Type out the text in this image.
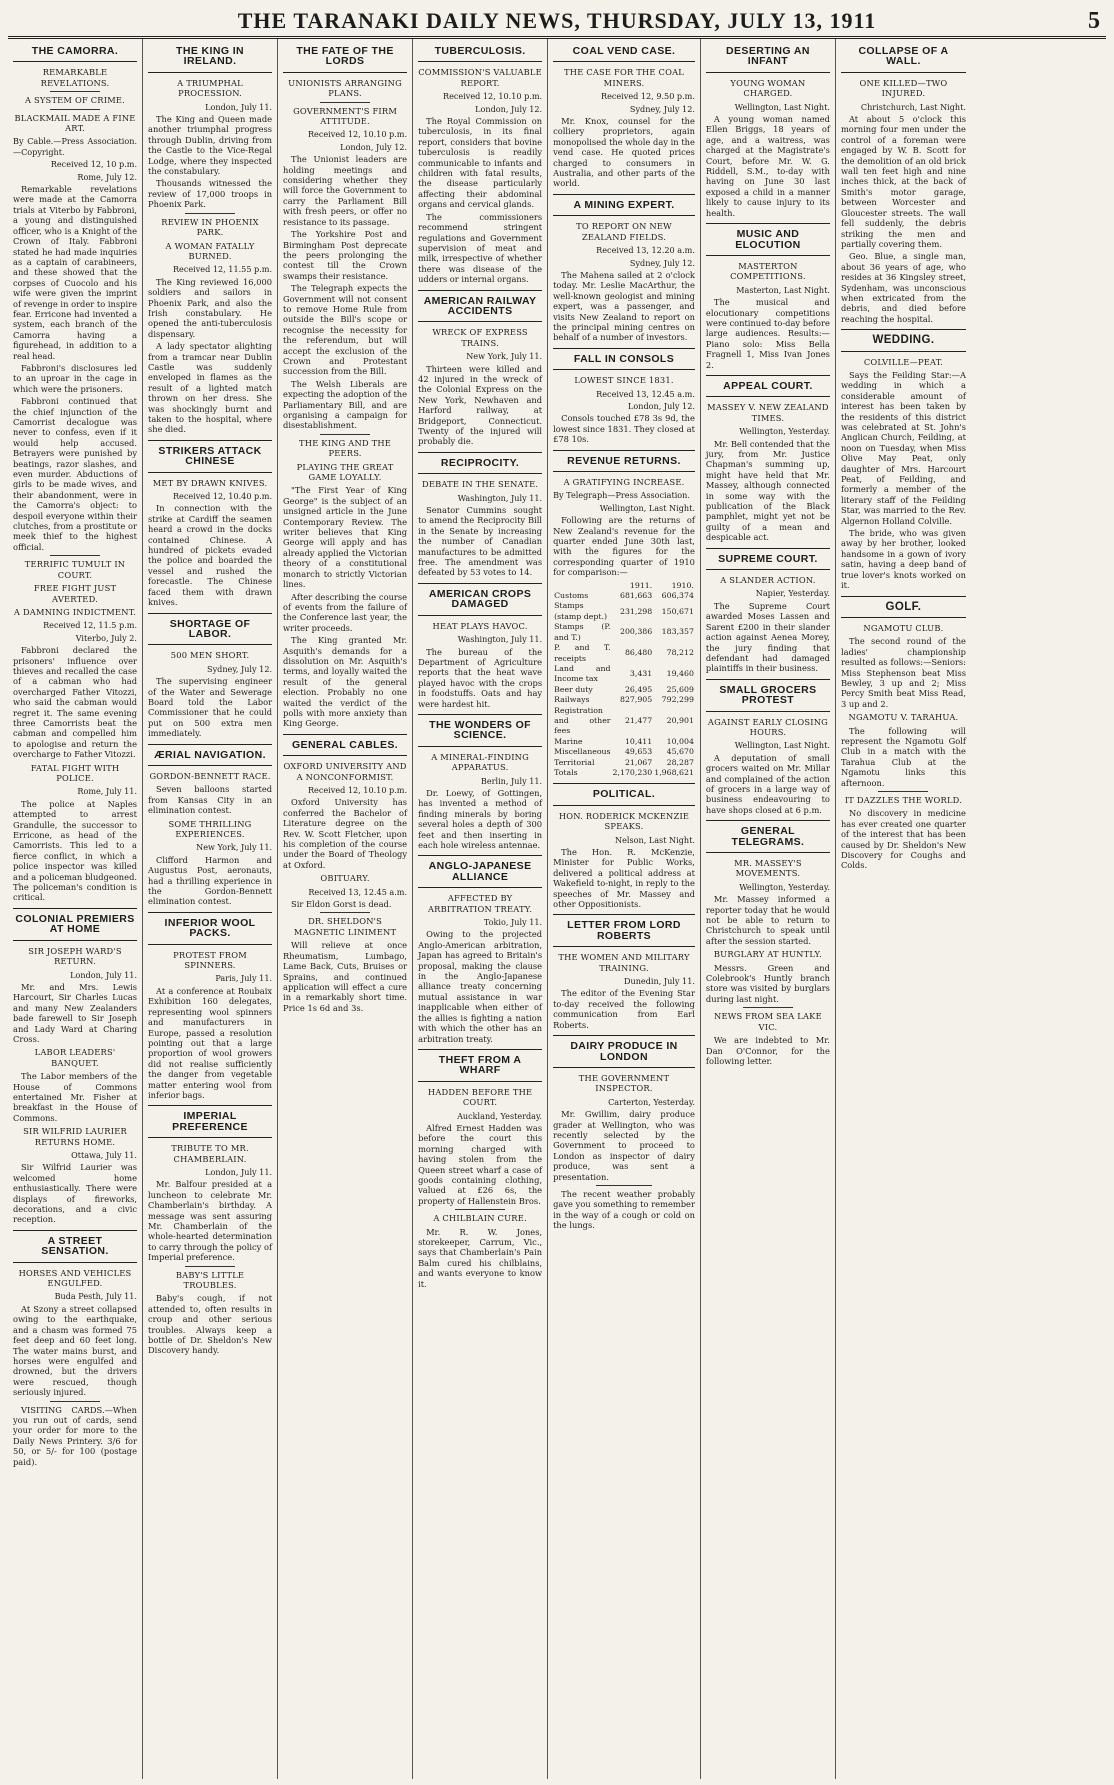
THE TARANAKI DAILY NEWS, THURSDAY, JULY 13, 1911	5
THE CAMORRA.
REMARKABLE REVELATIONS.
A SYSTEM OF CRIME.
BLACKMAIL MADE A FINE ART.
By Cable.—Press Association.—Copyright.
Received 12, 10 p.m.
Rome, July 12.

Remarkable revelations were made at the Camorra trials at Viterbo by Fabbroni, a young and distinguished officer, who is a Knight of the Crown of Italy. Fabbroni stated he had made inquiries as a captain of carabineers, and these showed that the corpses of Cuocolo and his wife were given the imprint of revenge in order to inspire fear. Erricone had invented a system, each branch of the Camorra having a figurehead, in addition to a real head.

Fabbroni's disclosures led to an uproar in the cage in which were the prisoners.

Fabbroni continued that the chief injunction of the Camorrist decalogue was never to confess, even if it would help accused. Betrayers were punished by beatings, razor slashes, and even murder. Abductions of girls to be made wives, and their abandonment, were in the Camorra's object: to despoil everyone within their clutches, from a prostitute or meek thief to the highest official.

TERRIFIC TUMULT IN COURT.
FREE FIGHT JUST AVERTED.
A DAMNING INDICTMENT.
Received 12, 11.5 p.m.
Viterbo, July 2.

Fabbroni declared the prisoners' influence over thieves and recalled the case of a cabman who had overcharged Father Vitozzi, who said the cabman would regret it. The same evening three Camorrists beat the cabman and compelled him to apologise and return the overcharge to Father Vitozzi.

FATAL FIGHT WITH POLICE.
Rome, July 11.

The police at Naples attempted to arrest Grandulle, the successor to Erricone, as head of the Camorrists. This led to a fierce conflict, in which a police inspector was killed and a policeman bludgeoned. The policeman's condition is critical.

COLONIAL PREMIERS AT HOME
SIR JOSEPH WARD'S RETURN.
London, July 11.

Mr. and Mrs. Lewis Harcourt, Sir Charles Lucas and many New Zealanders bade farewell to Sir Joseph and Lady Ward at Charing Cross.

LABOR LEADERS' BANQUET.

The Labor members of the House of Commons entertained Mr. Fisher at breakfast in the House of Commons.

SIR WILFRID LAURIER RETURNS HOME.
Ottawa, July 11.

Sir Wilfrid Laurier was welcomed home enthusiastically. There were displays of fireworks, decorations, and a civic reception.

A STREET SENSATION.
HORSES AND VEHICLES ENGULFED.
Buda Pesth, July 11.

At Szony a street collapsed owing to the earthquake, and a chasm was formed 75 feet deep and 60 feet long. The water mains burst, and horses were engulfed and drowned, but the drivers were rescued, though seriously injured.

VISITING CARDS.—When you run out of cards, send your order for more to the Daily News Printery. 3/6 for 50, or 5/- for 100 (postage paid).

THE KING IN IRELAND.
A TRIUMPHAL PROCESSION.
London, July 11.

The King and Queen made another triumphal progress through Dublin, driving from the Castle to the Vice-Regal Lodge, where they inspected the constabulary.

Thousands witnessed the review of 17,000 troops in Phoenix Park.

REVIEW IN PHOENIX PARK.
A WOMAN FATALLY BURNED.
Received 12, 11.55 p.m.

The King reviewed 16,000 soldiers and sailors in Phoenix Park, and also the Irish constabulary. He opened the anti-tuberculosis dispensary.

A lady spectator alighting from a tramcar near Dublin Castle was suddenly enveloped in flames as the result of a lighted match thrown on her dress. She was shockingly burnt and taken to the hospital, where she died.

STRIKERS ATTACK CHINESE
MET BY DRAWN KNIVES.
Received 12, 10.40 p.m.

In connection with the strike at Cardiff the seamen heard a crowd in the docks contained Chinese. A hundred of pickets evaded the police and boarded the vessel and rushed the forecastle. The Chinese faced them with drawn knives.

SHORTAGE OF LABOR.
500 MEN SHORT.
Sydney, July 12.

The supervising engineer of the Water and Sewerage Board told the Labor Commissioner that he could put on 500 extra men immediately.

ÆRIAL NAVIGATION.
GORDON-BENNETT RACE.

Seven balloons started from Kansas City in an elimination contest.

SOME THRILLING EXPERIENCES.
New York, July 11.

Clifford Harmon and Augustus Post, aeronauts, had a thrilling experience in the Gordon-Bennett elimination contest.

INFERIOR WOOL PACKS.
PROTEST FROM SPINNERS.
Paris, July 11.

At a conference at Roubaix Exhibition 160 delegates, representing wool spinners and manufacturers in Europe, passed a resolution pointing out that a large proportion of wool growers did not realise sufficiently the danger from vegetable matter entering wool from inferior bags.

IMPERIAL PREFERENCE
TRIBUTE TO MR. CHAMBERLAIN.
London, July 11.

Mr. Balfour presided at a luncheon to celebrate Mr. Chamberlain's birthday. A message was sent assuring Mr. Chamberlain of the whole-hearted determination to carry through the policy of Imperial preference.

BABY'S LITTLE TROUBLES.

Baby's cough, if not attended to, often results in croup and other serious troubles. Always keep a bottle of Dr. Sheldon's New Discovery handy.

THE FATE OF THE LORDS
UNIONISTS ARRANGING PLANS.
GOVERNMENT'S FIRM ATTITUDE.
Received 12, 10.10 p.m.
London, July 12.

The Unionist leaders are holding meetings and considering whether they will force the Government to carry the Parliament Bill with fresh peers, or offer no resistance to its passage.

The Yorkshire Post and Birmingham Post deprecate the peers prolonging the contest till the Crown swamps their resistance.

The Telegraph expects the Government will not consent to remove Home Rule from outside the Bill's scope or recognise the necessity for the referendum, but will accept the exclusion of the Crown and Protestant succession from the Bill.

The Welsh Liberals are expecting the adoption of the Parliamentary Bill, and are organising a campaign for disestablishment.

THE KING AND THE PEERS.
PLAYING THE GREAT GAME LOYALLY.

"The First Year of King George" is the subject of an unsigned article in the June Contemporary Review. The writer believes that King George will apply and has already applied the Victorian theory of a constitutional monarch to strictly Victorian lines.

After describing the course of events from the failure of the Conference last year, the writer proceeds.

The King granted Mr. Asquith's demands for a dissolution on Mr. Asquith's terms, and loyally waited the result of the general election. Probably no one waited the verdict of the polls with more anxiety than King George.

GENERAL CABLES.
OXFORD UNIVERSITY AND A NONCONFORMIST.
Received 12, 10.10 p.m.

Oxford University has conferred the Bachelor of Literature degree on the Rev. W. Scott Fletcher, upon his completion of the course under the Board of Theology at Oxford.

OBITUARY.
Received 13, 12.45 a.m.

Sir Eldon Gorst is dead.

DR. SHELDON'S MAGNETIC LINIMENT

Will relieve at once Rheumatism, Lumbago, Lame Back, Cuts, Bruises or Sprains, and continued application will effect a cure in a remarkably short time. Price 1s 6d and 3s.

TUBERCULOSIS.
COMMISSION'S VALUABLE REPORT.
Received 12, 10.10 p.m.
London, July 12.

The Royal Commission on tuberculosis, in its final report, considers that bovine tuberculosis is readily communicable to infants and children with fatal results, the disease particularly affecting their abdominal organs and cervical glands.

The commissioners recommend stringent regulations and Government supervision of meat and milk, irrespective of whether there was disease of the udders or internal organs.

AMERICAN RAILWAY ACCIDENTS
WRECK OF EXPRESS TRAINS.
New York, July 11.

Thirteen were killed and 42 injured in the wreck of the Colonial Express on the New York, Newhaven and Harford railway, at Bridgeport, Connecticut. Twenty of the injured will probably die.

RECIPROCITY.
DEBATE IN THE SENATE.
Washington, July 11.

Senator Cummins sought to amend the Reciprocity Bill in the Senate by increasing the number of Canadian manufactures to be admitted free. The amendment was defeated by 53 votes to 14.

AMERICAN CROPS DAMAGED
HEAT PLAYS HAVOC.
Washington, July 11.

The bureau of the Department of Agriculture reports that the heat wave played havoc with the crops in foodstuffs. Oats and hay were hardest hit.

THE WONDERS OF SCIENCE.
A MINERAL-FINDING APPARATUS.
Berlin, July 11.

Dr. Loewy, of Gottingen, has invented a method of finding minerals by boring several holes a depth of 300 feet and then inserting in each hole wireless antennae.

ANGLO-JAPANESE ALLIANCE
AFFECTED BY ARBITRATION TREATY.
Tokio, July 11.

Owing to the projected Anglo-American arbitration, Japan has agreed to Britain's proposal, making the clause in the Anglo-Japanese alliance treaty concerning mutual assistance in war inapplicable when either of the allies is fighting a nation with which the other has an arbitration treaty.

THEFT FROM A WHARF
HADDEN BEFORE THE COURT.
Auckland, Yesterday.

Alfred Ernest Hadden was before the court this morning charged with having stolen from the Queen street wharf a case of goods containing clothing, valued at £26 6s, the property of Hallenstein Bros.

A CHILBLAIN CURE.

Mr. R. W. Jones, storekeeper, Carrum, Vic., says that Chamberlain's Pain Balm cured his chilblains, and wants everyone to know it.

COAL VEND CASE.
THE CASE FOR THE COAL MINERS.
Received 12, 9.50 p.m.
Sydney, July 12.

Mr. Knox, counsel for the colliery proprietors, again monopolised the whole day in the vend case. He quoted prices charged to consumers in Australia, and other parts of the world.

A MINING EXPERT.
TO REPORT ON NEW ZEALAND FIELDS.
Received 13, 12.20 a.m.
Sydney, July 12.

The Mahena sailed at 2 o'clock today. Mr. Leslie MacArthur, the well-known geologist and mining expert, was a passenger, and visits New Zealand to report on the principal mining centres on behalf of a number of investors.

FALL IN CONSOLS
LOWEST SINCE 1831.
Received 13, 12.45 a.m.
London, July 12.

Consols touched £78 3s 9d, the lowest since 1831. They closed at £78 10s.

REVENUE RETURNS.
A GRATIFYING INCREASE.
By Telegraph—Press Association.
Wellington, Last Night.

Following are the returns of New Zealand's revenue for the quarter ended June 30th last, with the figures for the corresponding quarter of 1910 for comparison:—

	1911.	1910.
Customs	681,663	606,374
Stamps (stamp dept.)	231,298	150,671
Stamps (P. and T.)	200,386	183,357
P. and T. receipts	86,480	78,212
Land and Income tax	3,431	19,460
Beer duty	26,495	25,609
Railways	827,905	792,299
Registration and other fees	21,477	20,901
Marine	10,411	10,004
Miscellaneous	49,653	45,670
Territorial	21,067	28,287
Totals	2,170,230	1,968,621
POLITICAL.
HON. RODERICK MCKENZIE SPEAKS.
Nelson, Last Night.

The Hon. R. McKenzie, Minister for Public Works, delivered a political address at Wakefield to-night, in reply to the speeches of Mr. Massey and other Oppositionists.

LETTER FROM LORD ROBERTS
THE WOMEN AND MILITARY TRAINING.
Dunedin, July 11.

The editor of the Evening Star to-day received the following communication from Earl Roberts.

DAIRY PRODUCE IN LONDON
THE GOVERNMENT INSPECTOR.
Carterton, Yesterday.

Mr. Gwillim, dairy produce grader at Wellington, who was recently selected by the Government to proceed to London as inspector of dairy produce, was sent a presentation.

The recent weather probably gave you something to remember in the way of a cough or cold on the lungs.

DESERTING AN INFANT
YOUNG WOMAN CHARGED.
Wellington, Last Night.

A young woman named Ellen Briggs, 18 years of age, and a waitress, was charged at the Magistrate's Court, before Mr. W. G. Riddell, S.M., to-day with having on June 30 last exposed a child in a manner likely to cause injury to its health.

MUSIC AND ELOCUTION
MASTERTON COMPETITIONS.
Masterton, Last Night.

The musical and elocutionary competitions were continued to-day before large audiences. Results:—Piano solo: Miss Bella Fragnell 1, Miss Ivan Jones 2.

APPEAL COURT.
MASSEY V. NEW ZEALAND TIMES.
Wellington, Yesterday.

Mr. Bell contended that the jury, from Mr. Justice Chapman's summing up, might have held that Mr. Massey, although connected in some way with the publication of the Black pamphlet, might yet not be guilty of a mean and despicable act.

SUPREME COURT.
A SLANDER ACTION.
Napier, Yesterday.

The Supreme Court awarded Moses Lassen and Sarent £200 in their slander action against Aenea Morey, the jury finding that defendant had damaged plaintiffs in their business.

SMALL GROCERS PROTEST
AGAINST EARLY CLOSING HOURS.
Wellington, Last Night.

A deputation of small grocers waited on Mr. Millar and complained of the action of grocers in a large way of business endeavouring to have shops closed at 6 p.m.

GENERAL TELEGRAMS.
MR. MASSEY'S MOVEMENTS.
Wellington, Yesterday.

Mr. Massey informed a reporter today that he would not be able to return to Christchurch to speak until after the session started.

BURGLARY AT HUNTLY.

Messrs. Green and Colebrook's Huntly branch store was visited by burglars during last night.

NEWS FROM SEA LAKE VIC.

We are indebted to Mr. Dan O'Connor, for the following letter.

COLLAPSE OF A WALL.
ONE KILLED—TWO INJURED.
Christchurch, Last Night.

At about 5 o'clock this morning four men under the control of a foreman were engaged by W. B. Scott for the demolition of an old brick wall ten feet high and nine inches thick, at the back of Smith's motor garage, between Worcester and Gloucester streets. The wall fell suddenly, the debris striking the men and partially covering them.

Geo. Blue, a single man, about 36 years of age, who resides at 36 Kingsley street, Sydenham, was unconscious when extricated from the debris, and died before reaching the hospital.

WEDDING.
COLVILLE—PEAT.

Says the Feilding Star:—A wedding in which a considerable amount of interest has been taken by the residents of this district was celebrated at St. John's Anglican Church, Feilding, at noon on Tuesday, when Miss Olive May Peat, only daughter of Mrs. Harcourt Peat, of Feilding, and formerly a member of the literary staff of the Feilding Star, was married to the Rev. Algernon Holland Colville.

The bride, who was given away by her brother, looked handsome in a gown of ivory satin, having a deep band of true lover's knots worked on it.

GOLF.
NGAMOTU CLUB.

The second round of the ladies' championship resulted as follows:—Seniors: Miss Stephenson beat Miss Bewley, 3 up and 2; Miss Percy Smith beat Miss Read, 3 up and 2.

NGAMOTU V. TARAHUA.

The following will represent the Ngamotu Golf Club in a match with the Tarahua Club at the Ngamotu links this afternoon.

IT DAZZLES THE WORLD.

No discovery in medicine has ever created one quarter of the interest that has been caused by Dr. Sheldon's New Discovery for Coughs and Colds.
